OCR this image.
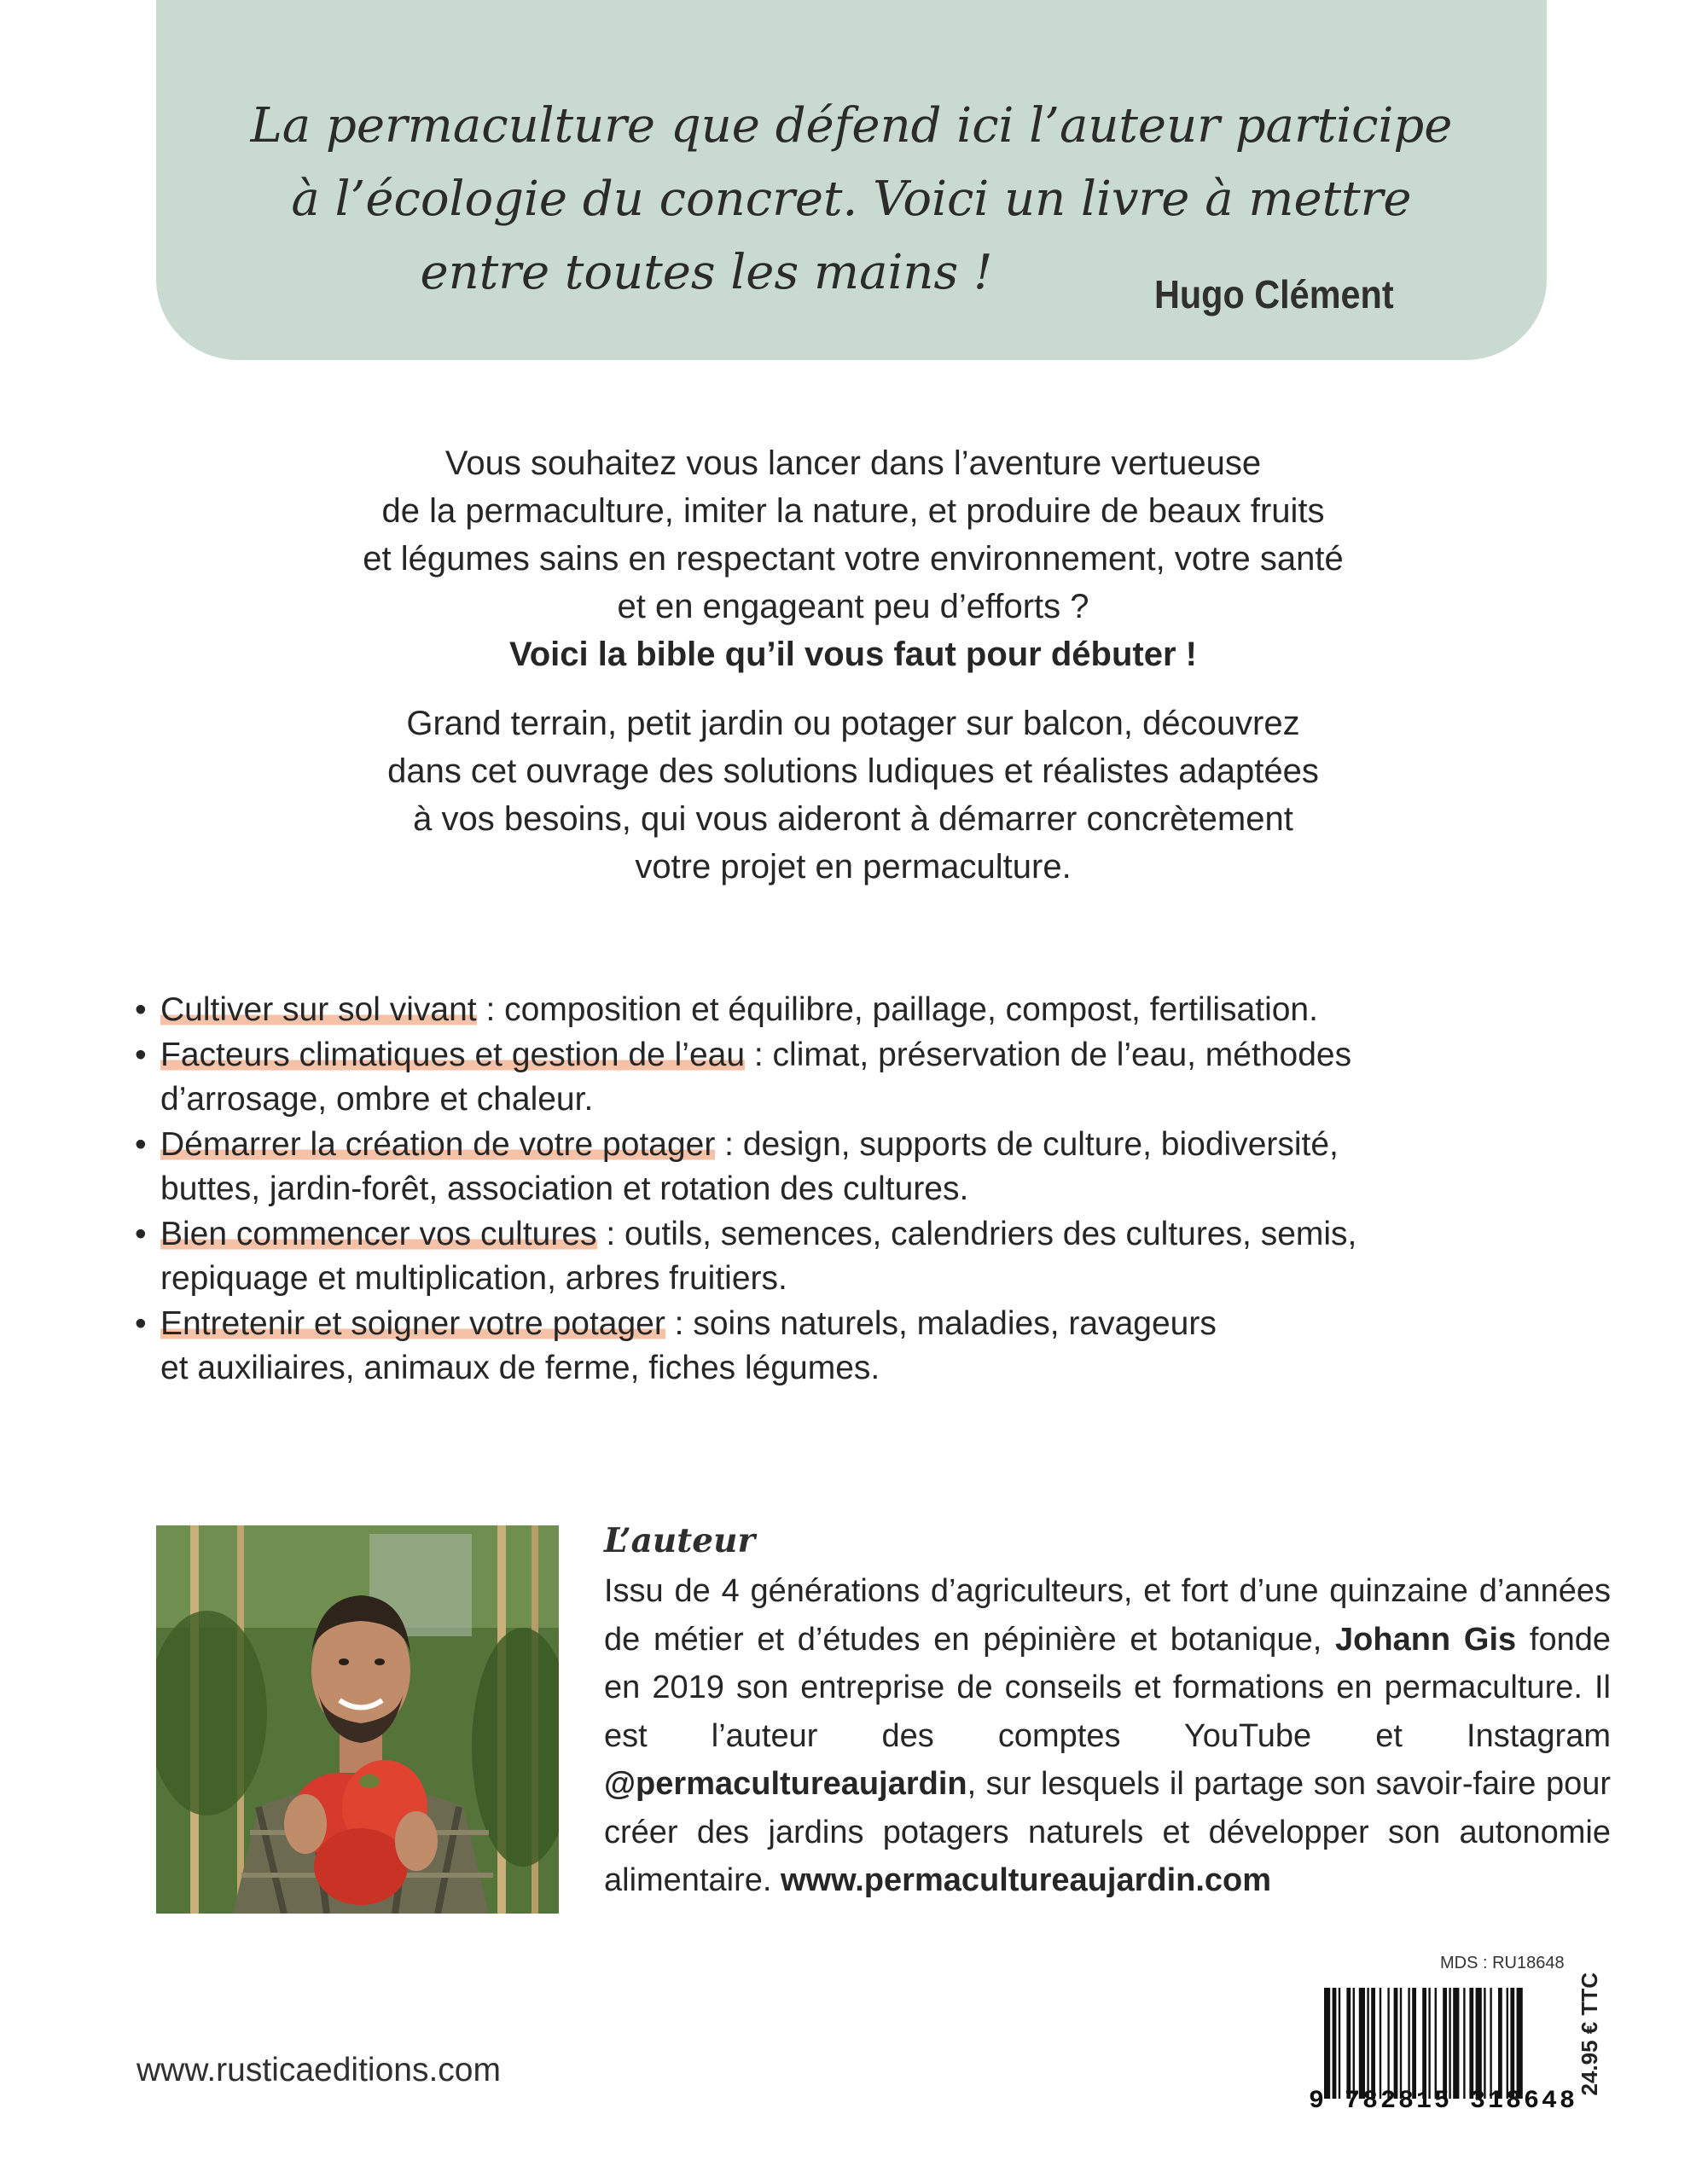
La permaculture que défend ici l’auteur participe
à l’écologie du concret. Voici un livre à mettre
entre toutes les mains !	Hugo Clément
Vous souhaitez vous lancer dans l’aventure vertueuse
de la permaculture, imiter la nature, et produire de beaux fruits
et légumes sains en respectant votre environnement, votre santé
et en engageant peu d’efforts ?
Voici la bible qu’il vous faut pour débuter !
Grand terrain, petit jardin ou potager sur balcon, découvrez
dans cet ouvrage des solutions ludiques et réalistes adaptées
à vos besoins, qui vous aideront à démarrer concrètement
votre projet en permaculture.
• Cultiver sur sol vivant : composition et équilibre, paillage, compost, fertilisation.
• Facteurs climatiques et gestion de l’eau : climat, préservation de l’eau, méthodes
d’arrosage, ombre et chaleur.
• Démarrer la création de votre potager : design, supports de culture, biodiversité,
buttes, jardin-forêt, association et rotation des cultures.
• Bien commencer vos cultures : outils, semences, calendriers des cultures, semis,
repiquage et multiplication, arbres fruitiers.
• Entretenir et soigner votre potager : soins naturels, maladies, ravageurs
et auxiliaires, animaux de ferme, fiches légumes.
L’auteur
Issu de 4 générations d’agriculteurs, et fort d’une quinzaine d’années de métier et d’études en pépinière et botanique, Johann Gis fonde en 2019 son entreprise de conseils et formations en permaculture. Il est l’auteur des comptes YouTube et Instagram @permacultureaujardin, sur lesquels il partage son savoir-faire pour créer des jardins potagers naturels et développer son autonomie alimentaire. www.permacultureaujardin.com
www.rusticaeditions.com
MDS : RU18648
9 782815 318648
24.95 € TTC
